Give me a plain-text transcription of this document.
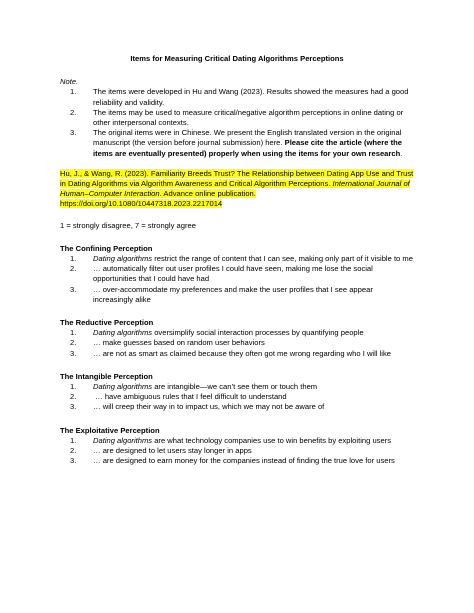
Items for Measuring Critical Dating Algorithms Perceptions

Note.

1. The items were developed in Hu and Wang (2023). Results showed the measures had a good reliability and validity.
2. The items may be used to measure critical/negative algorithm perceptions in online dating or other interpersonal contexts.
3. The original items were in Chinese. We present the English translated version in the original manuscript (the version before journal submission) here. Please cite the article (where the items are eventually presented) properly when using the items for your own research.

Hu, J., & Wang, R. (2023). Familiarity Breeds Trust? The Relationship between Dating App Use and Trust in Dating Algorithms via Algorithm Awareness and Critical Algorithm Perceptions. International Journal of Human–Computer Interaction. Advance online publication.
https://doi.org/10.1080/10447318.2023.2217014

1 = strongly disagree, 7 = strongly agree

The Confining Perception

1. Dating algorithms restrict the range of content that I can see, making only part of it visible to me
2. … automatically filter out user profiles I could have seen, making me lose the social opportunities that I could have had
3. … over-accommodate my preferences and make the user profiles that I see appear increasingly alike

The Reductive Perception

1. Dating algorithms oversimplify social interaction processes by quantifying people
2. … make guesses based on random user behaviors
3. … are not as smart as claimed because they often got me wrong regarding who I will like

The Intangible Perception

1. Dating algorithms are intangible—we can’t see them or touch them
2. … have ambiguous rules that I feel difficult to understand
3. … will creep their way in to impact us, which we may not be aware of

The Exploitative Perception

1. Dating algorithms are what technology companies use to win benefits by exploiting users
2. … are designed to let users stay longer in apps
3. … are designed to earn money for the companies instead of finding the true love for users
